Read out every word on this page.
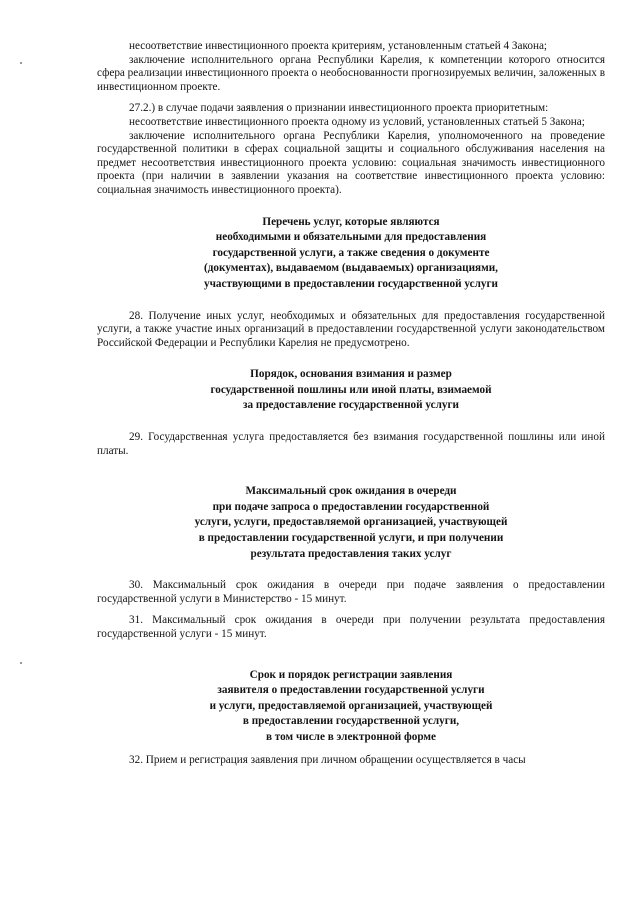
несоответствие инвестиционного проекта критериям, установленным статьей 4 Закона;

заключение исполнительного органа Республики Карелия, к компетенции которого относится сфера реализации инвестиционного проекта о необоснованности прогнозируемых величин, заложенных в инвестиционном проекте.

27.2.) в случае подачи заявления о признании инвестиционного проекта приоритетным:

несоответствие инвестиционного проекта одному из условий, установленных статьей 5 Закона;

заключение исполнительного органа Республики Карелия, уполномоченного на проведение государственной политики в сферах социальной защиты и социального обслуживания населения на предмет несоответствия инвестиционного проекта условию: социальная значимость инвестиционного проекта (при наличии в заявлении указания на соответствие инвестиционного проекта условию: социальная значимость инвестиционного проекта).

Перечень услуг, которые являются
необходимыми и обязательными для предоставления
государственной услуги, а также сведения о документе
(документах), выдаваемом (выдаваемых) организациями,
участвующими в предоставлении государственной услуги

28. Получение иных услуг, необходимых и обязательных для предоставления государственной услуги, а также участие иных организаций в предоставлении государственной услуги законодательством Российской Федерации и Республики Карелия не предусмотрено.

Порядок, основания взимания и размер
государственной пошлины или иной платы, взимаемой
за предоставление государственной услуги

29. Государственная услуга предоставляется без взимания государственной пошлины или иной платы.

Максимальный срок ожидания в очереди
при подаче запроса о предоставлении государственной
услуги, услуги, предоставляемой организацией, участвующей
в предоставлении государственной услуги, и при получении
результата предоставления таких услуг

30. Максимальный срок ожидания в очереди при подаче заявления о предоставлении государственной услуги в Министерство - 15 минут.

31. Максимальный срок ожидания в очереди при получении результата предоставления государственной услуги - 15 минут.

Срок и порядок регистрации заявления
заявителя о предоставлении государственной услуги
и услуги, предоставляемой организацией, участвующей
в предоставлении государственной услуги,
в том числе в электронной форме

32. Прием и регистрация заявления при личном обращении осуществляется в часы
